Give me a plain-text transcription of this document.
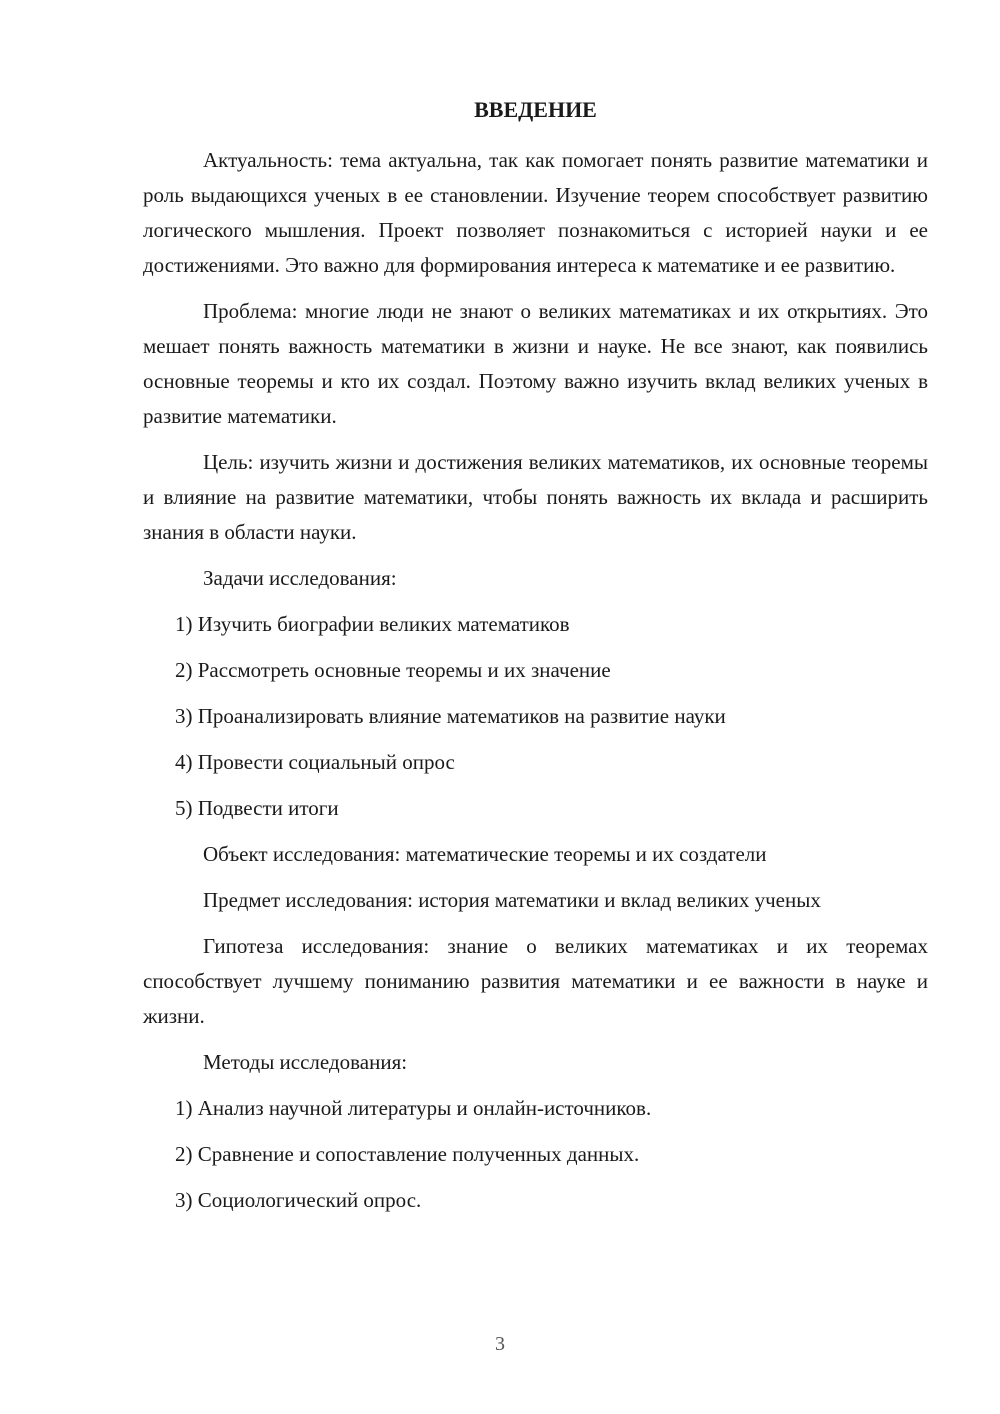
ВВЕДЕНИЕ

Актуальность: тема актуальна, так как помогает понять развитие математики и роль выдающихся ученых в ее становлении. Изучение теорем способствует развитию логического мышления. Проект позволяет познакомиться с историей науки и ее достижениями. Это важно для формирования интереса к математике и ее развитию.

Проблема: многие люди не знают о великих математиках и их открытиях. Это мешает понять важность математики в жизни и науке. Не все знают, как появились основные теоремы и кто их создал. Поэтому важно изучить вклад великих ученых в развитие математики.

Цель: изучить жизни и достижения великих математиков, их основные теоремы и влияние на развитие математики, чтобы понять важность их вклада и расширить знания в области науки.

Задачи исследования:

1) Изучить биографии великих математиков
2) Рассмотреть основные теоремы и их значение
3) Проанализировать влияние математиков на развитие науки
4) Провести социальный опрос
5) Подвести итоги

Объект исследования: математические теоремы и их создатели

Предмет исследования: история математики и вклад великих ученых

Гипотеза исследования: знание о великих математиках и их теоремах способствует лучшему пониманию развития математики и ее важности в науке и жизни.

Методы исследования:

1) Анализ научной литературы и онлайн-источников.
2) Сравнение и сопоставление полученных данных.
3) Социологический опрос.
3
